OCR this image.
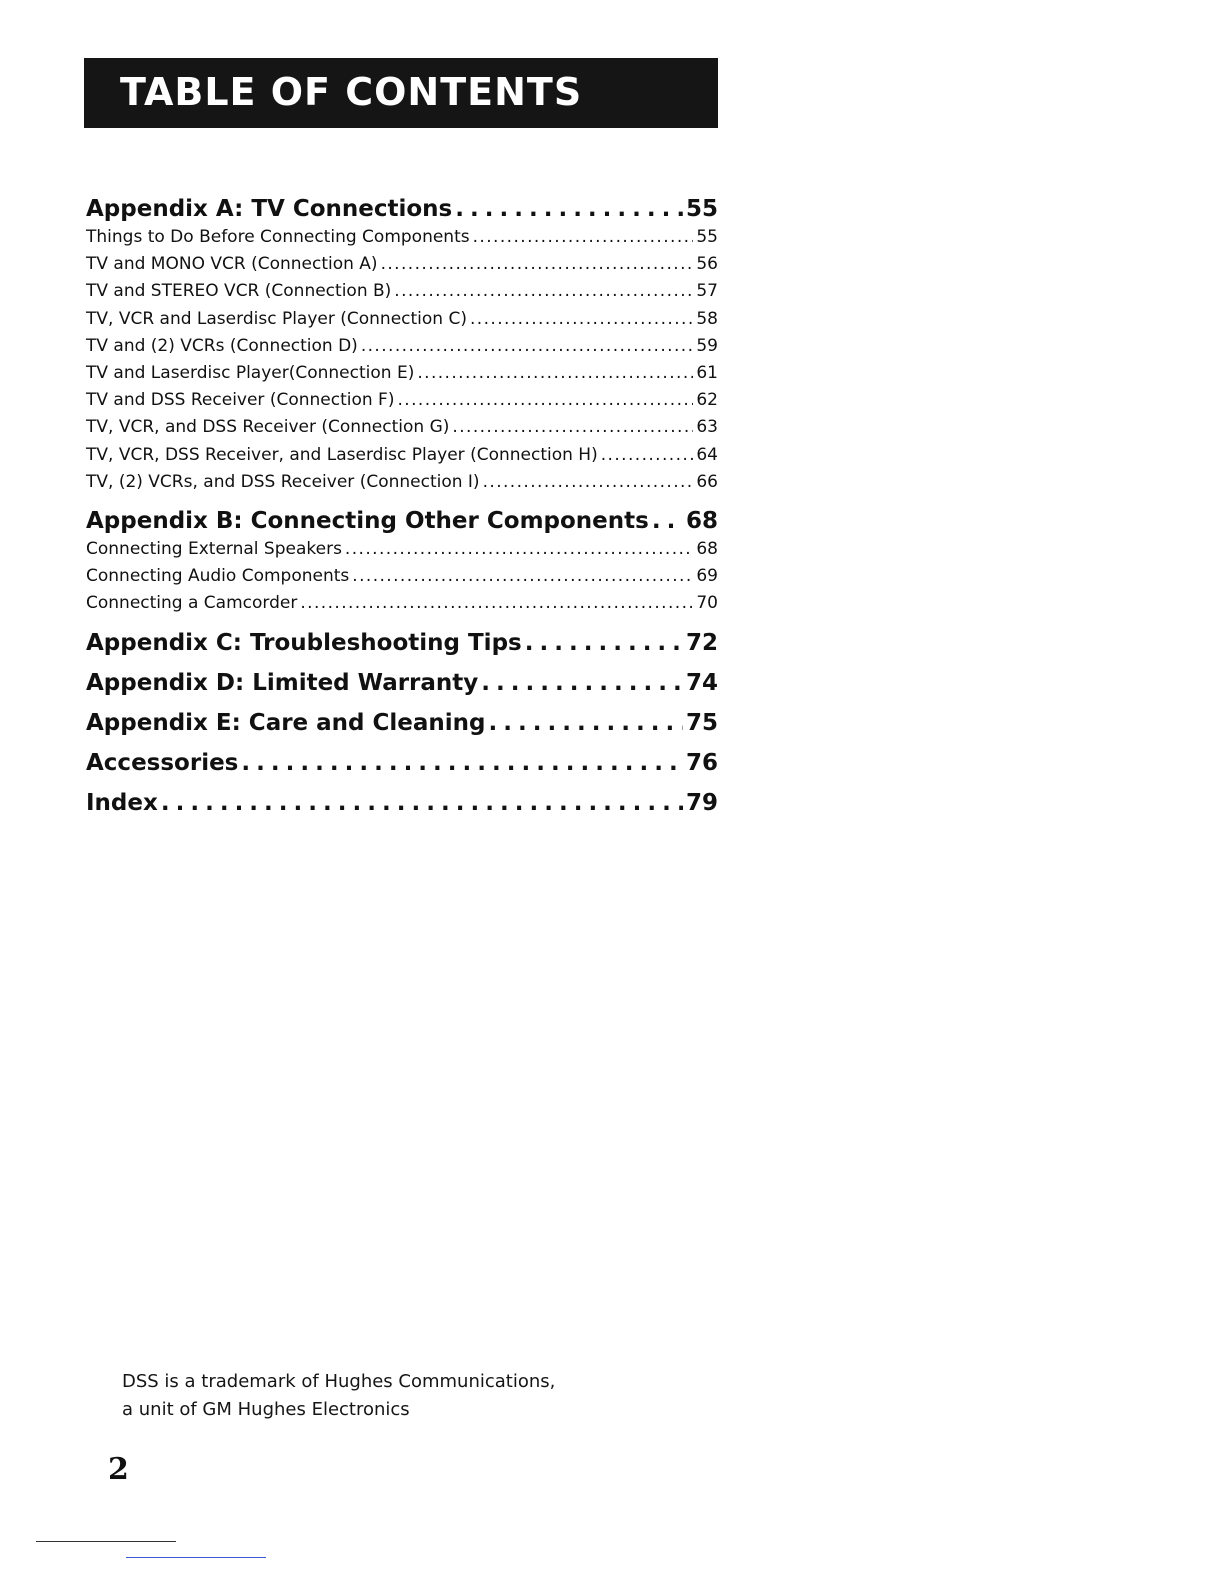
TABLE OF CONTENTS
Appendix A: TV Connections . . .	55
Things to Do Before Connecting Components . . .	55
TV and MONO VCR (Connection A) . . .	56
TV and STEREO VCR (Connection B) . . .	57
TV, VCR and Laserdisc Player (Connection C) . . .	58
TV and (2) VCRs (Connection D) . . .	59
TV and Laserdisc Player(Connection E) . . .	61
TV and DSS Receiver (Connection F) . . .	62
TV, VCR, and DSS Receiver (Connection G) . . .	63
TV, VCR, DSS Receiver, and Laserdisc Player (Connection H) . . .	64
TV, (2) VCRs, and DSS Receiver (Connection I) . . .	66
Appendix B: Connecting Other Components . . . 68
Connecting External Speakers . . .	68
Connecting Audio Components . . .	69
Connecting a Camcorder . . .	70
Appendix C: Troubleshooting Tips . . .	72
Appendix D: Limited Warranty . . .	74
Appendix E: Care and Cleaning . . .	75
Accessories . . .	76
Index . . .	79
DSS is a trademark of Hughes Communications,
a unit of GM Hughes Electronics
2
